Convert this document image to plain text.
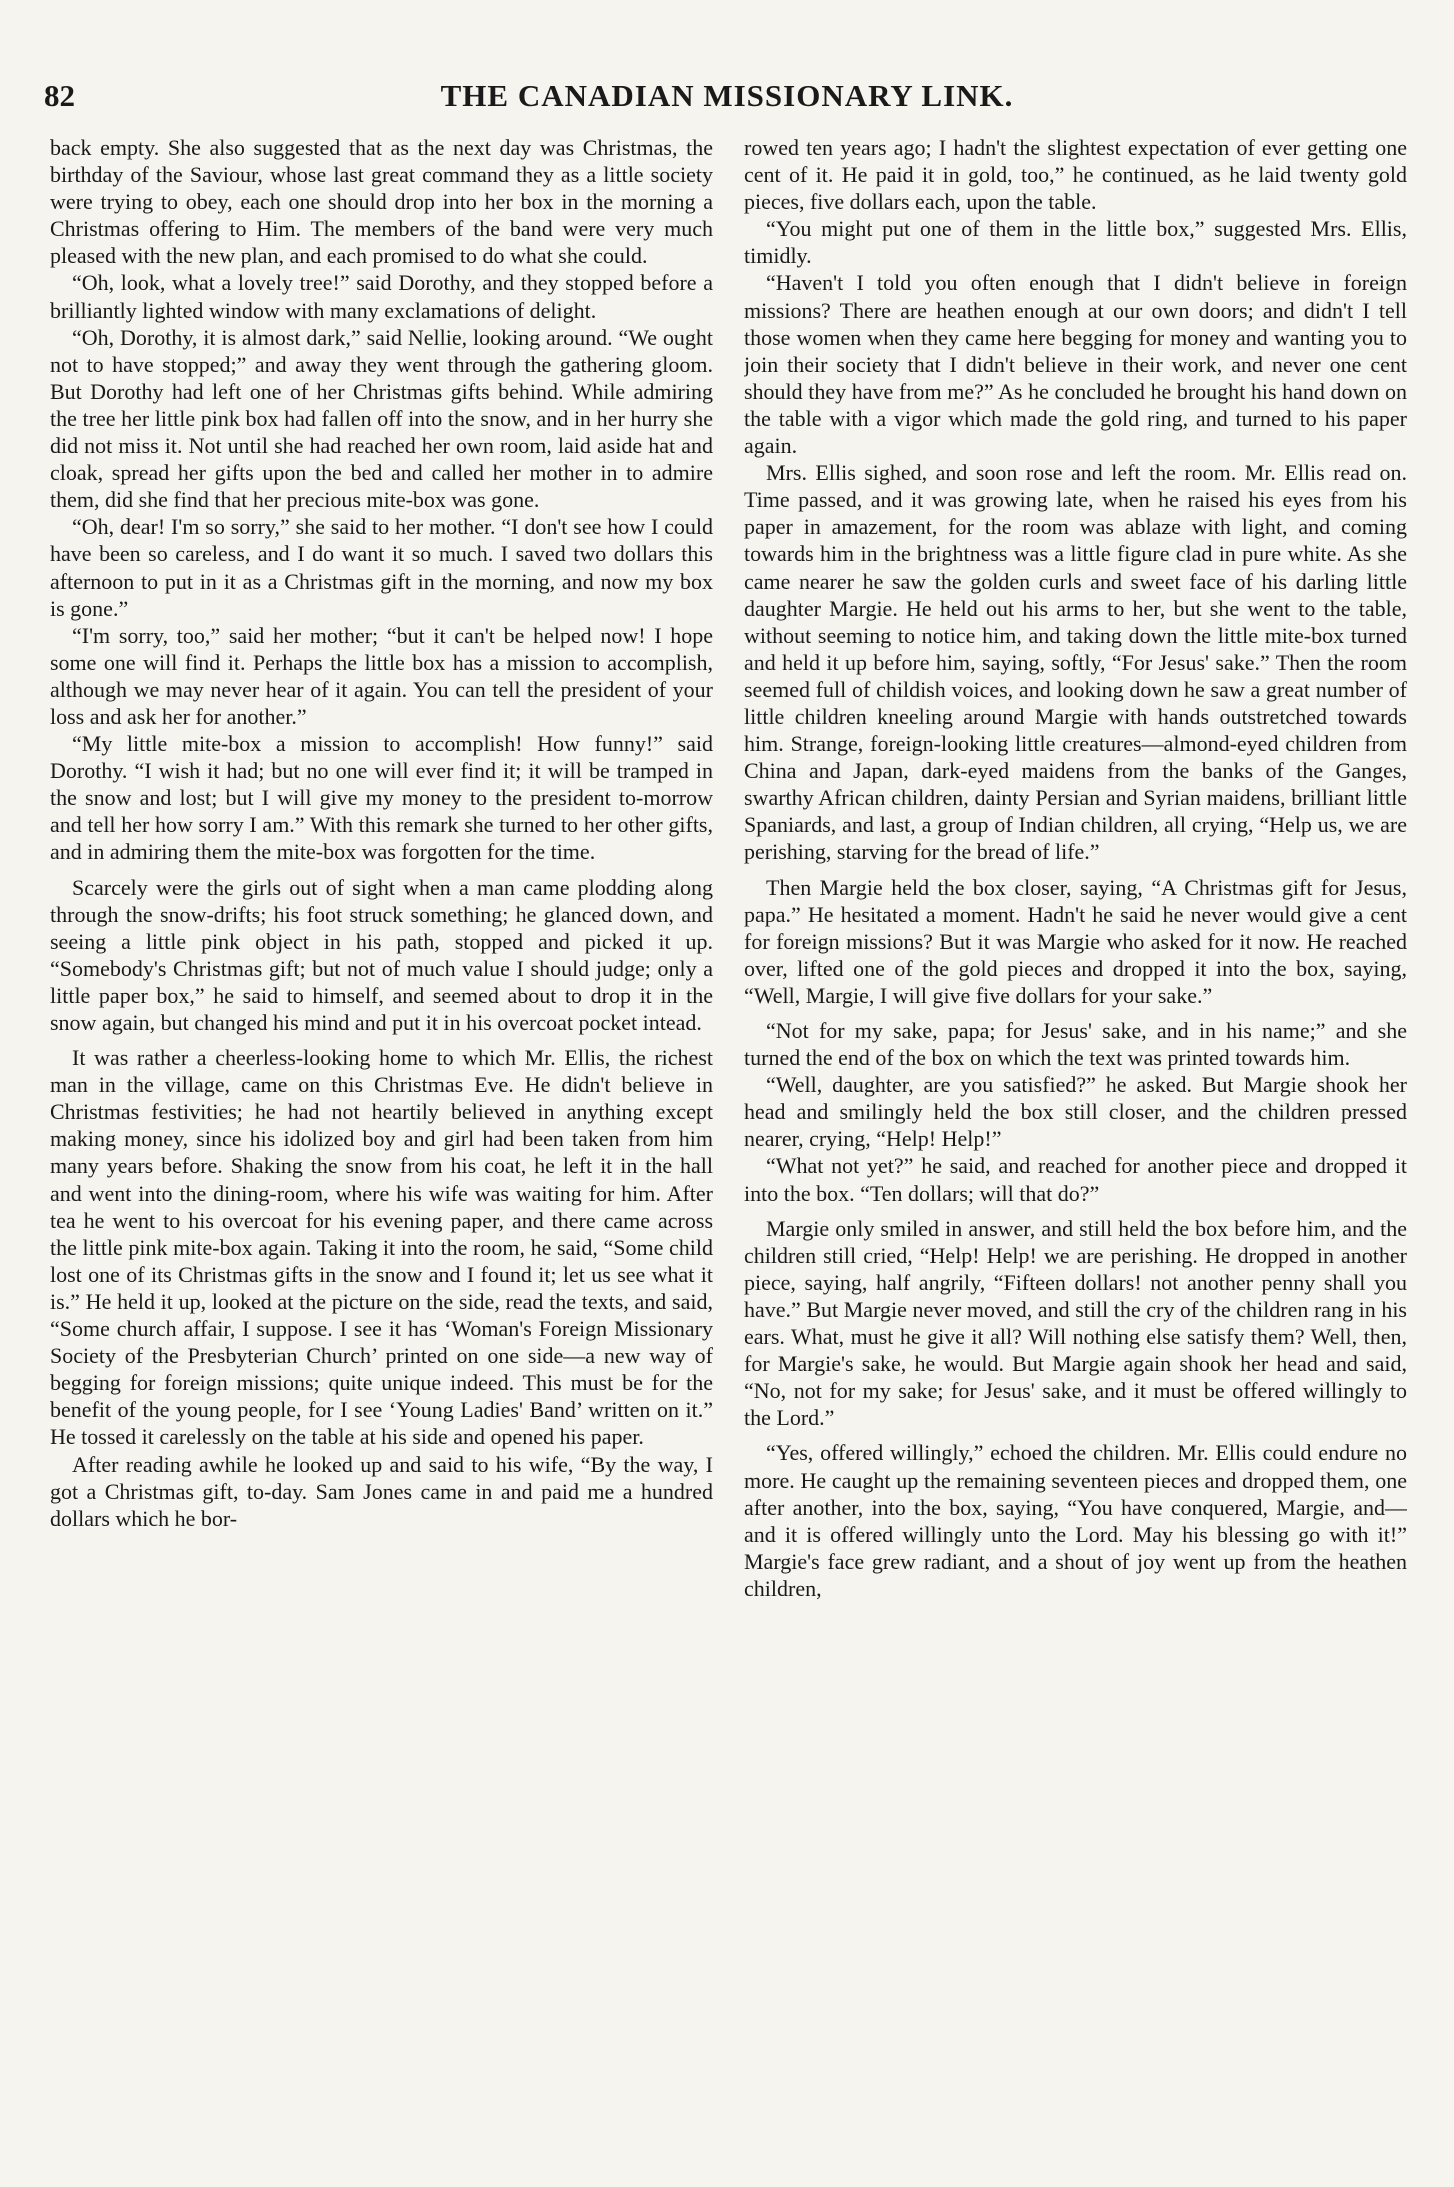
82	THE CANADIAN MISSIONARY LINK.

back empty. She also suggested that as the next day was Christmas, the birthday of the Saviour, whose last great command they as a little society were trying to obey, each one should drop into her box in the morning a Christmas offering to Him. The members of the band were very much pleased with the new plan, and each promised to do what she could.

“Oh, look, what a lovely tree!” said Dorothy, and they stopped before a brilliantly lighted window with many exclamations of delight.

“Oh, Dorothy, it is almost dark,” said Nellie, looking around. “We ought not to have stopped;” and away they went through the gathering gloom. But Dorothy had left one of her Christmas gifts behind. While admiring the tree her little pink box had fallen off into the snow, and in her hurry she did not miss it. Not until she had reached her own room, laid aside hat and cloak, spread her gifts upon the bed and called her mother in to admire them, did she find that her precious mite-box was gone.

“Oh, dear! I'm so sorry,” she said to her mother. “I don't see how I could have been so careless, and I do want it so much. I saved two dollars this afternoon to put in it as a Christmas gift in the morning, and now my box is gone.”

“I'm sorry, too,” said her mother; “but it can't be helped now! I hope some one will find it. Perhaps the little box has a mission to accomplish, although we may never hear of it again. You can tell the president of your loss and ask her for another.”

“My little mite-box a mission to accomplish! How funny!” said Dorothy. “I wish it had; but no one will ever find it; it will be tramped in the snow and lost; but I will give my money to the president to-morrow and tell her how sorry I am.” With this remark she turned to her other gifts, and in admiring them the mite-box was forgotten for the time.

Scarcely were the girls out of sight when a man came plodding along through the snow-drifts; his foot struck something; he glanced down, and seeing a little pink object in his path, stopped and picked it up. “Somebody's Christmas gift; but not of much value I should judge; only a little paper box,” he said to himself, and seemed about to drop it in the snow again, but changed his mind and put it in his overcoat pocket intead.

It was rather a cheerless-looking home to which Mr. Ellis, the richest man in the village, came on this Christmas Eve. He didn't believe in Christmas festivities; he had not heartily believed in anything except making money, since his idolized boy and girl had been taken from him many years before. Shaking the snow from his coat, he left it in the hall and went into the dining-room, where his wife was waiting for him. After tea he went to his overcoat for his evening paper, and there came across the little pink mite-box again. Taking it into the room, he said, “Some child lost one of its Christmas gifts in the snow and I found it; let us see what it is.” He held it up, looked at the picture on the side, read the texts, and said, “Some church affair, I suppose. I see it has ‘Woman's Foreign Missionary Society of the Presbyterian Church’ printed on one side—a new way of begging for foreign missions; quite unique indeed. This must be for the benefit of the young people, for I see ‘Young Ladies' Band’ written on it.” He tossed it carelessly on the table at his side and opened his paper.

After reading awhile he looked up and said to his wife, “By the way, I got a Christmas gift, to-day. Sam Jones came in and paid me a hundred dollars which he bor-

rowed ten years ago; I hadn't the slightest expectation of ever getting one cent of it. He paid it in gold, too,” he continued, as he laid twenty gold pieces, five dollars each, upon the table.

“You might put one of them in the little box,” suggested Mrs. Ellis, timidly.

“Haven't I told you often enough that I didn't believe in foreign missions? There are heathen enough at our own doors; and didn't I tell those women when they came here begging for money and wanting you to join their society that I didn't believe in their work, and never one cent should they have from me?” As he concluded he brought his hand down on the table with a vigor which made the gold ring, and turned to his paper again.

Mrs. Ellis sighed, and soon rose and left the room. Mr. Ellis read on. Time passed, and it was growing late, when he raised his eyes from his paper in amazement, for the room was ablaze with light, and coming towards him in the brightness was a little figure clad in pure white. As she came nearer he saw the golden curls and sweet face of his darling little daughter Margie. He held out his arms to her, but she went to the table, without seeming to notice him, and taking down the little mite-box turned and held it up before him, saying, softly, “For Jesus' sake.” Then the room seemed full of childish voices, and looking down he saw a great number of little children kneeling around Margie with hands outstretched towards him. Strange, foreign-looking little creatures—almond-eyed children from China and Japan, dark-eyed maidens from the banks of the Ganges, swarthy African children, dainty Persian and Syrian maidens, brilliant little Spaniards, and last, a group of Indian children, all crying, “Help us, we are perishing, starving for the bread of life.”

Then Margie held the box closer, saying, “A Christmas gift for Jesus, papa.” He hesitated a moment. Hadn't he said he never would give a cent for foreign missions? But it was Margie who asked for it now. He reached over, lifted one of the gold pieces and dropped it into the box, saying, “Well, Margie, I will give five dollars for your sake.”

“Not for my sake, papa; for Jesus' sake, and in his name;” and she turned the end of the box on which the text was printed towards him.

“Well, daughter, are you satisfied?” he asked. But Margie shook her head and smilingly held the box still closer, and the children pressed nearer, crying, “Help! Help!”

“What not yet?” he said, and reached for another piece and dropped it into the box. “Ten dollars; will that do?”

Margie only smiled in answer, and still held the box before him, and the children still cried, “Help! Help! we are perishing. He dropped in another piece, saying, half angrily, “Fifteen dollars! not another penny shall you have.” But Margie never moved, and still the cry of the children rang in his ears. What, must he give it all? Will nothing else satisfy them? Well, then, for Margie's sake, he would. But Margie again shook her head and said, “No, not for my sake; for Jesus' sake, and it must be offered willingly to the Lord.”

“Yes, offered willingly,” echoed the children. Mr. Ellis could endure no more. He caught up the remaining seventeen pieces and dropped them, one after another, into the box, saying, “You have conquered, Margie, and—and it is offered willingly unto the Lord. May his blessing go with it!” Margie's face grew radiant, and a shout of joy went up from the heathen children,
